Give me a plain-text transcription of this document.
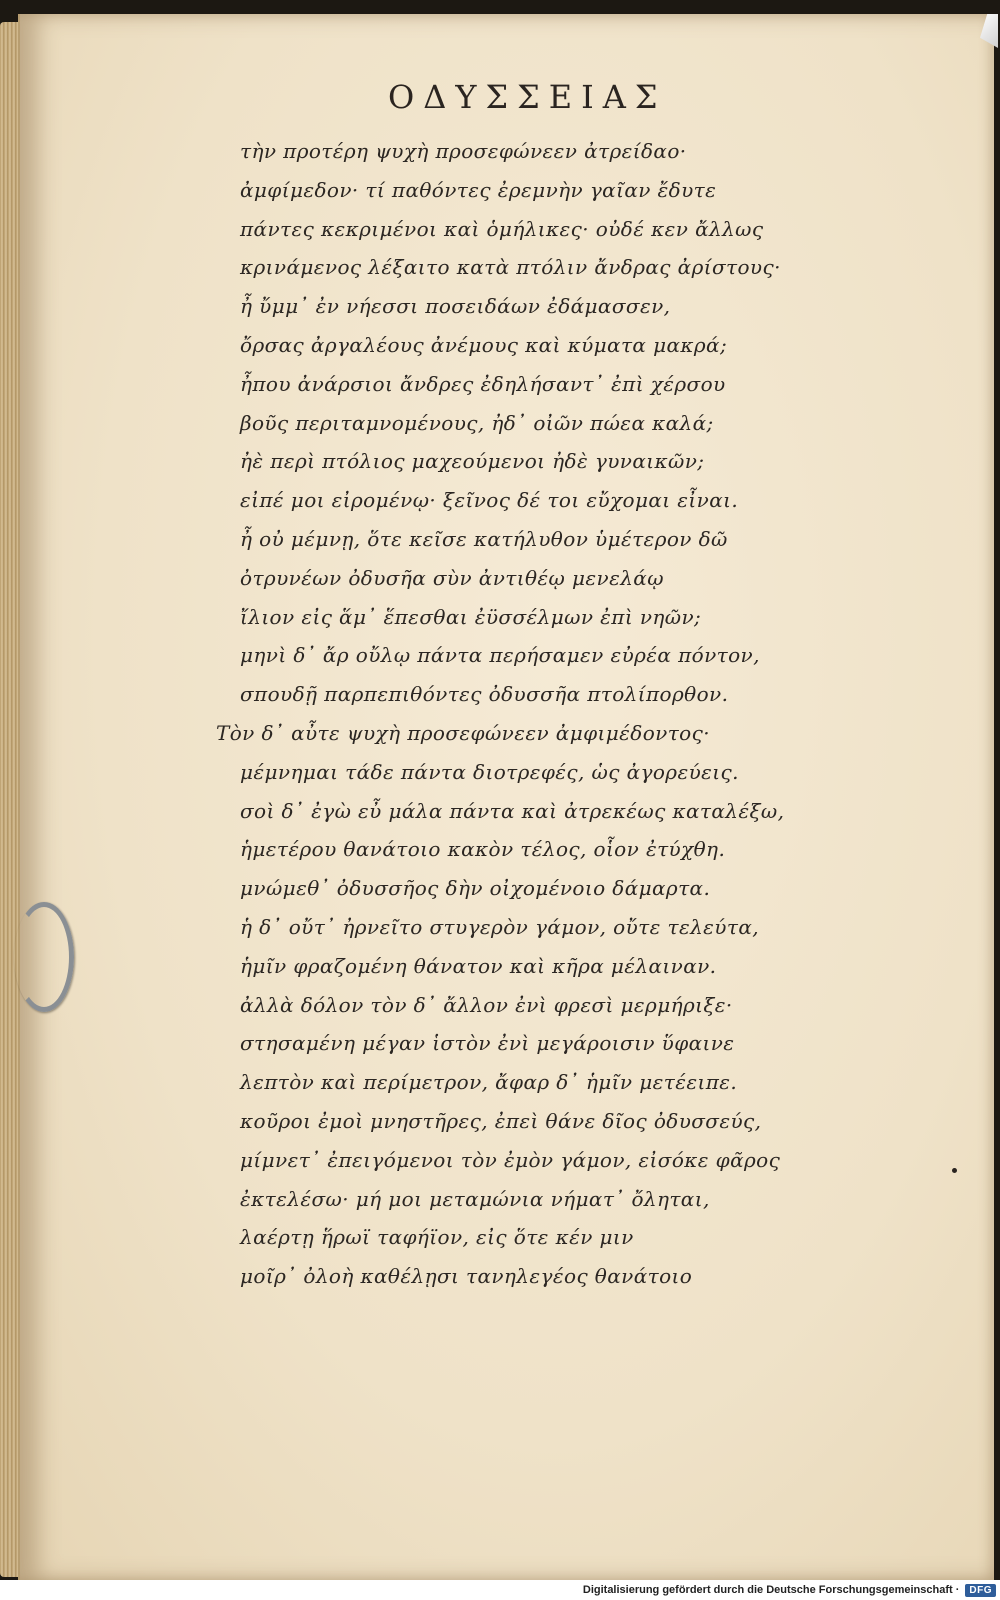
ΟΔΥΣΣΕΙΑΣ
τὴν προτέρη ψυχὴ προσεφώνεεν ἀτρείδαο·
ἀμφίμεδον· τί παθόντες ἐρεμνὴν γαῖαν ἔδυτε
πάντες κεκριμένοι καὶ ὁμήλικες· οὐδέ κεν ἄλλως
κρινάμενος λέξαιτο κατὰ πτόλιν ἄνδρας ἀρίστους·
ἦ ὔμμ᾽ ἐν νήεσσι ποσειδάων ἐδάμασσεν,
ὄρσας ἀργαλέους ἀνέμους καὶ κύματα μακρά;
ἦπου ἀνάρσιοι ἄνδρες ἐδηλήσαντ᾽ ἐπὶ χέρσου
βοῦς περιταμνομένους, ἠδ᾽ οἰῶν πώεα καλά;
ἠὲ περὶ πτόλιος μαχεούμενοι ἠδὲ γυναικῶν;
εἰπέ μοι εἰρομένῳ· ξεῖνος δέ τοι εὔχομαι εἶναι.
ἦ οὐ μέμνῃ, ὅτε κεῖσε κατήλυθον ὑμέτερον δῶ
ὀτρυνέων ὀδυσῆα σὺν ἀντιθέῳ μενελάῳ
ἴλιον εἰς ἅμ᾽ ἕπεσθαι ἐϋσσέλμων ἐπὶ νηῶν;
μηνὶ δ᾽ ἄρ οὔλῳ πάντα περήσαμεν εὐρέα πόντον,
σπουδῇ παρπεπιθόντες ὀδυσσῆα πτολίπορθον.
Τὸν δ᾽ αὖτε ψυχὴ προσεφώνεεν ἀμφιμέδοντος·
μέμνημαι τάδε πάντα διοτρεφές, ὡς ἀγορεύεις.
σοὶ δ᾽ ἐγὼ εὖ μάλα πάντα καὶ ἀτρεκέως καταλέξω,
ἡμετέρου θανάτοιο κακὸν τέλος, οἷον ἐτύχθη.
μνώμεθ᾽ ὀδυσσῆος δὴν οἰχομένοιο δάμαρτα.
ἡ δ᾽ οὔτ᾽ ἠρνεῖτο στυγερὸν γάμον, οὔτε τελεύτα,
ἡμῖν φραζομένη θάνατον καὶ κῆρα μέλαιναν.
ἀλλὰ δόλον τὸν δ᾽ ἄλλον ἐνὶ φρεσὶ μερμήριξε·
στησαμένη μέγαν ἱστὸν ἐνὶ μεγάροισιν ὕφαινε
λεπτὸν καὶ περίμετρον, ἄφαρ δ᾽ ἡμῖν μετέειπε.
κοῦροι ἐμοὶ μνηστῆρες, ἐπεὶ θάνε δῖος ὀδυσσεύς,
μίμνετ᾽ ἐπειγόμενοι τὸν ἐμὸν γάμον, εἰσόκε φᾶρος
ἐκτελέσω· μή μοι μεταμώνια νήματ᾽ ὄληται,
λαέρτῃ ἥρωϊ ταφήϊον, εἰς ὅτε κέν μιν
μοῖρ᾽ ὀλοὴ καθέλῃσι τανηλεγέος θανάτοιο
Digitalisierung gefördert durch die Deutsche Forschungsgemeinschaft ·	DFG
